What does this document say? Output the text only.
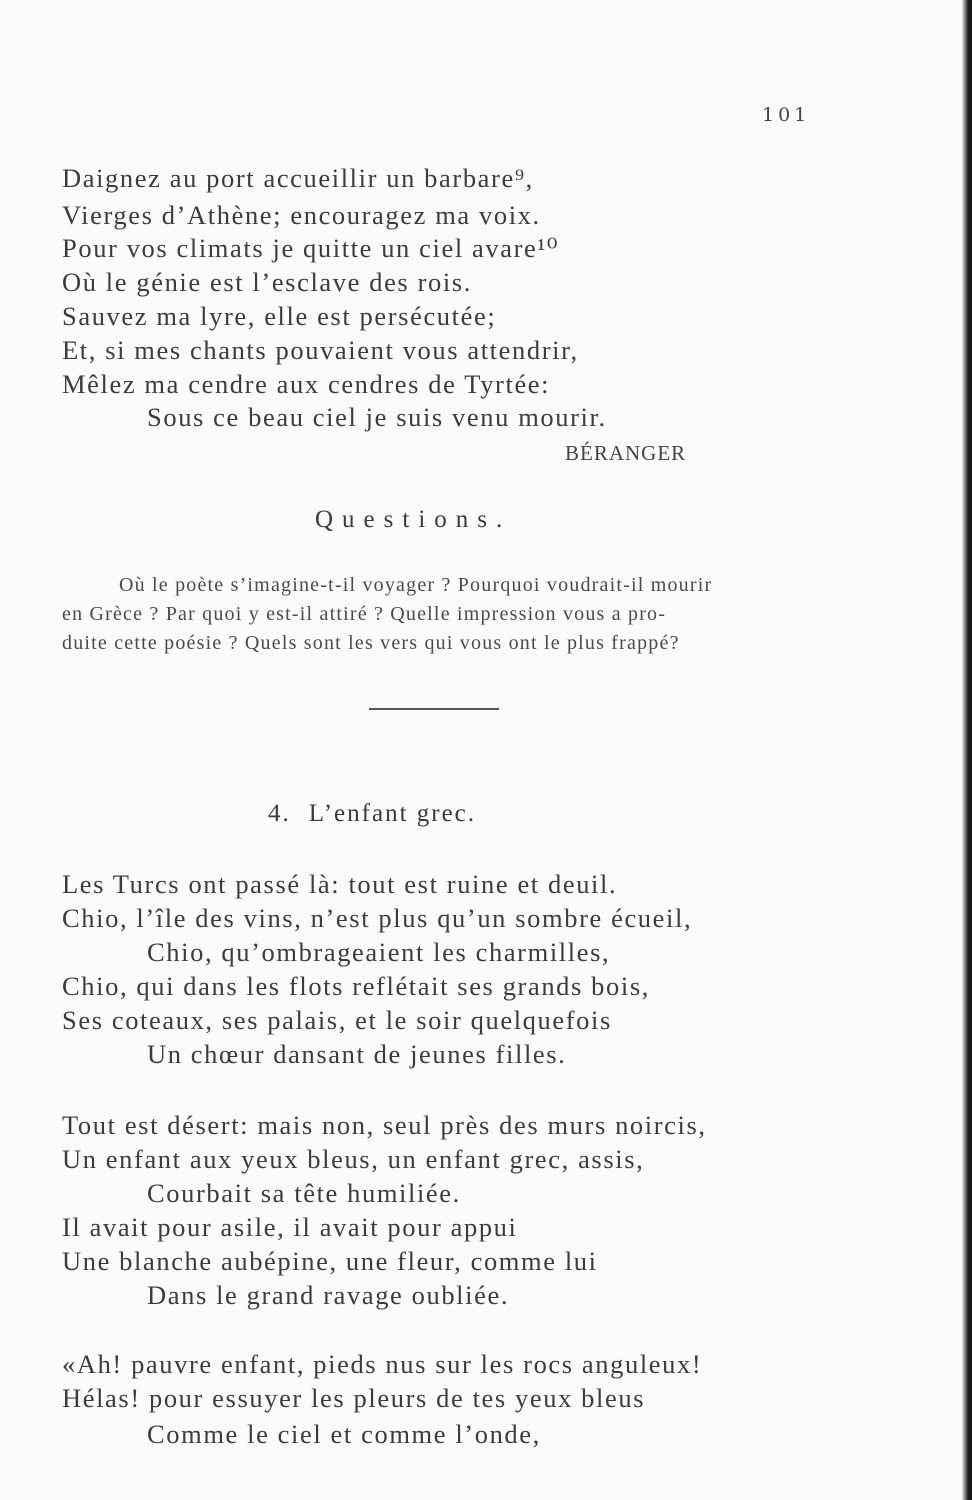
101
Daignez au port accueillir un barbare⁹,
Vierges d’Athène; encouragez ma voix.
Pour vos climats je quitte un ciel avare¹⁰
Où le génie est l’esclave des rois.
Sauvez ma lyre, elle est persécutée;
Et, si mes chants pouvaient vous attendrir,
Mêlez ma cendre aux cendres de Tyrtée:
Sous ce beau ciel je suis venu mourir.
BÉRANGER
Questions.
Où le poète s’imagine-t-il voyager ? Pourquoi voudrait-il mourir
en Grèce ? Par quoi y est-il attiré ? Quelle impression vous a pro-
duite cette poésie ? Quels sont les vers qui vous ont le plus frappé?
4. L’enfant grec.
Les Turcs ont passé là: tout est ruine et deuil.
Chio, l’île des vins, n’est plus qu’un sombre écueil,
Chio, qu’ombrageaient les charmilles,
Chio, qui dans les flots reflétait ses grands bois,
Ses coteaux, ses palais, et le soir quelquefois
Un chœur dansant de jeunes filles.
Tout est désert: mais non, seul près des murs noircis,
Un enfant aux yeux bleus, un enfant grec, assis,
Courbait sa tête humiliée.
Il avait pour asile, il avait pour appui
Une blanche aubépine, une fleur, comme lui
Dans le grand ravage oubliée.
«Ah! pauvre enfant, pieds nus sur les rocs anguleux!
Hélas! pour essuyer les pleurs de tes yeux bleus
Comme le ciel et comme l’onde,
